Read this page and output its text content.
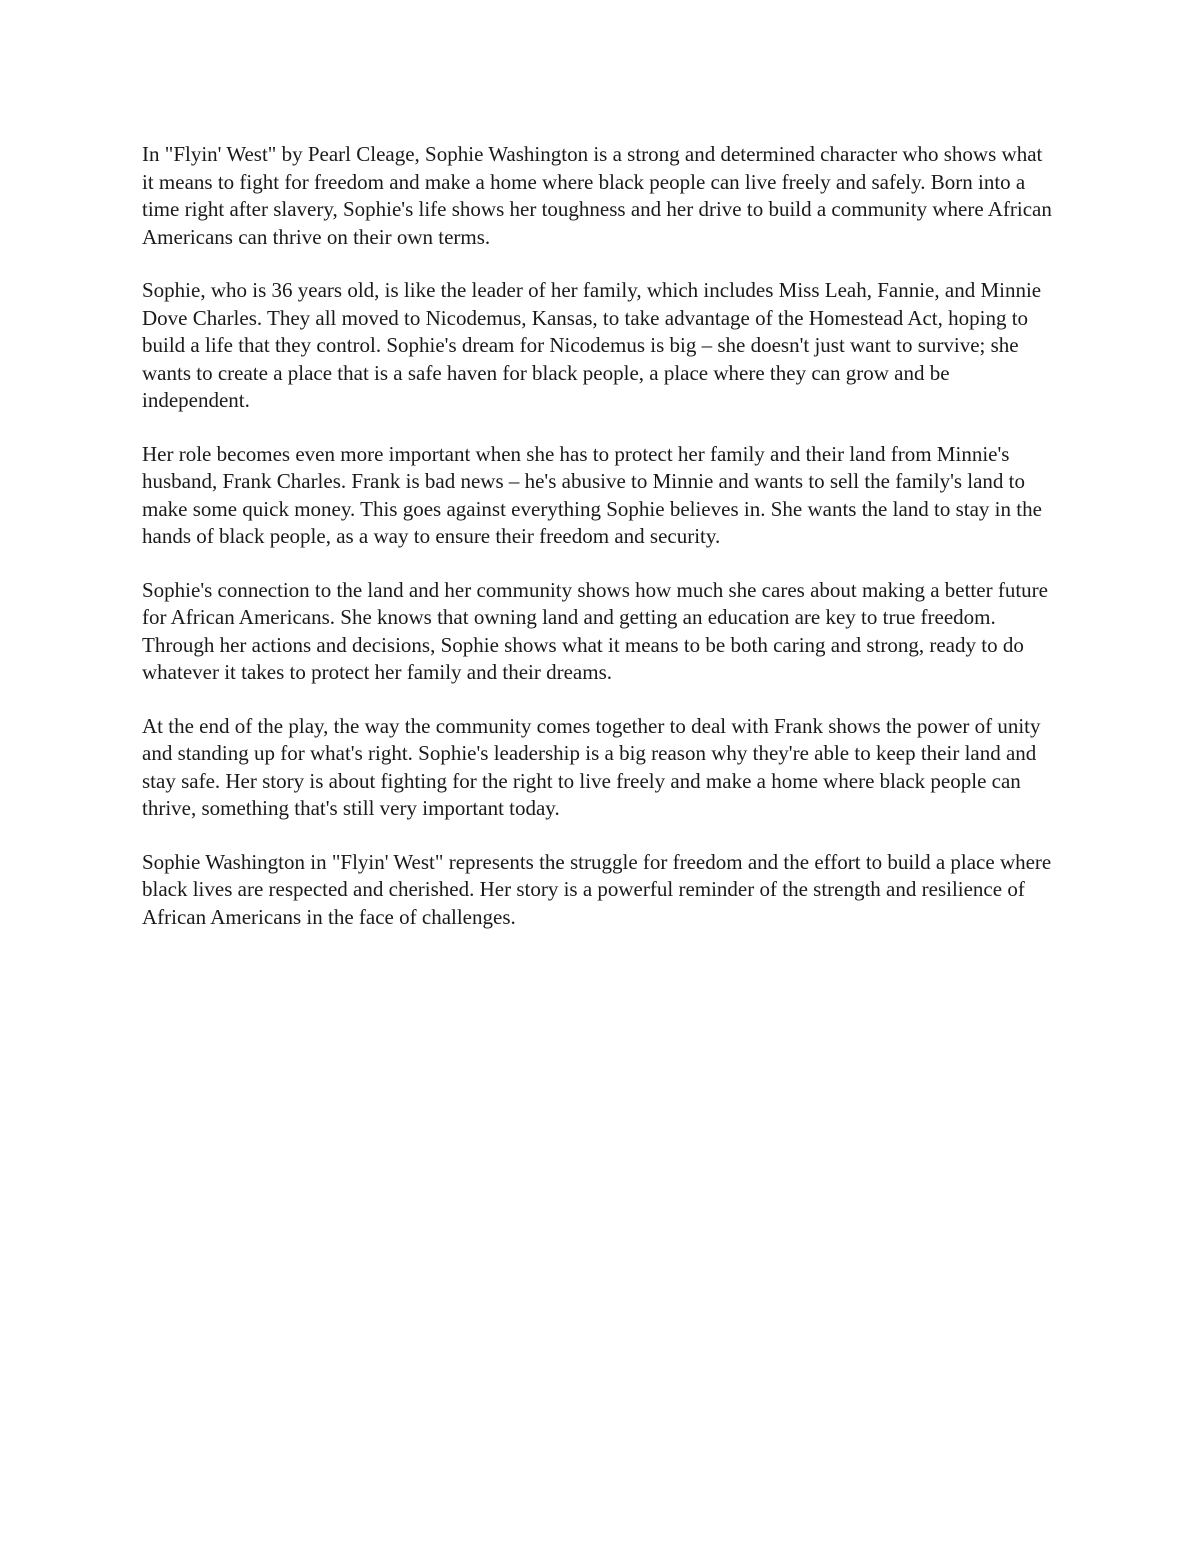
In "Flyin' West" by Pearl Cleage, Sophie Washington is a strong and determined character who shows what it means to fight for freedom and make a home where black people can live freely and safely. Born into a time right after slavery, Sophie's life shows her toughness and her drive to build a community where African Americans can thrive on their own terms.

Sophie, who is 36 years old, is like the leader of her family, which includes Miss Leah, Fannie, and Minnie Dove Charles. They all moved to Nicodemus, Kansas, to take advantage of the Homestead Act, hoping to build a life that they control. Sophie's dream for Nicodemus is big – she doesn't just want to survive; she wants to create a place that is a safe haven for black people, a place where they can grow and be independent.

Her role becomes even more important when she has to protect her family and their land from Minnie's husband, Frank Charles. Frank is bad news – he's abusive to Minnie and wants to sell the family's land to make some quick money. This goes against everything Sophie believes in. She wants the land to stay in the hands of black people, as a way to ensure their freedom and security.

Sophie's connection to the land and her community shows how much she cares about making a better future for African Americans. She knows that owning land and getting an education are key to true freedom. Through her actions and decisions, Sophie shows what it means to be both caring and strong, ready to do whatever it takes to protect her family and their dreams.

At the end of the play, the way the community comes together to deal with Frank shows the power of unity and standing up for what's right. Sophie's leadership is a big reason why they're able to keep their land and stay safe. Her story is about fighting for the right to live freely and make a home where black people can thrive, something that's still very important today.

Sophie Washington in "Flyin' West" represents the struggle for freedom and the effort to build a place where black lives are respected and cherished. Her story is a powerful reminder of the strength and resilience of African Americans in the face of challenges.
